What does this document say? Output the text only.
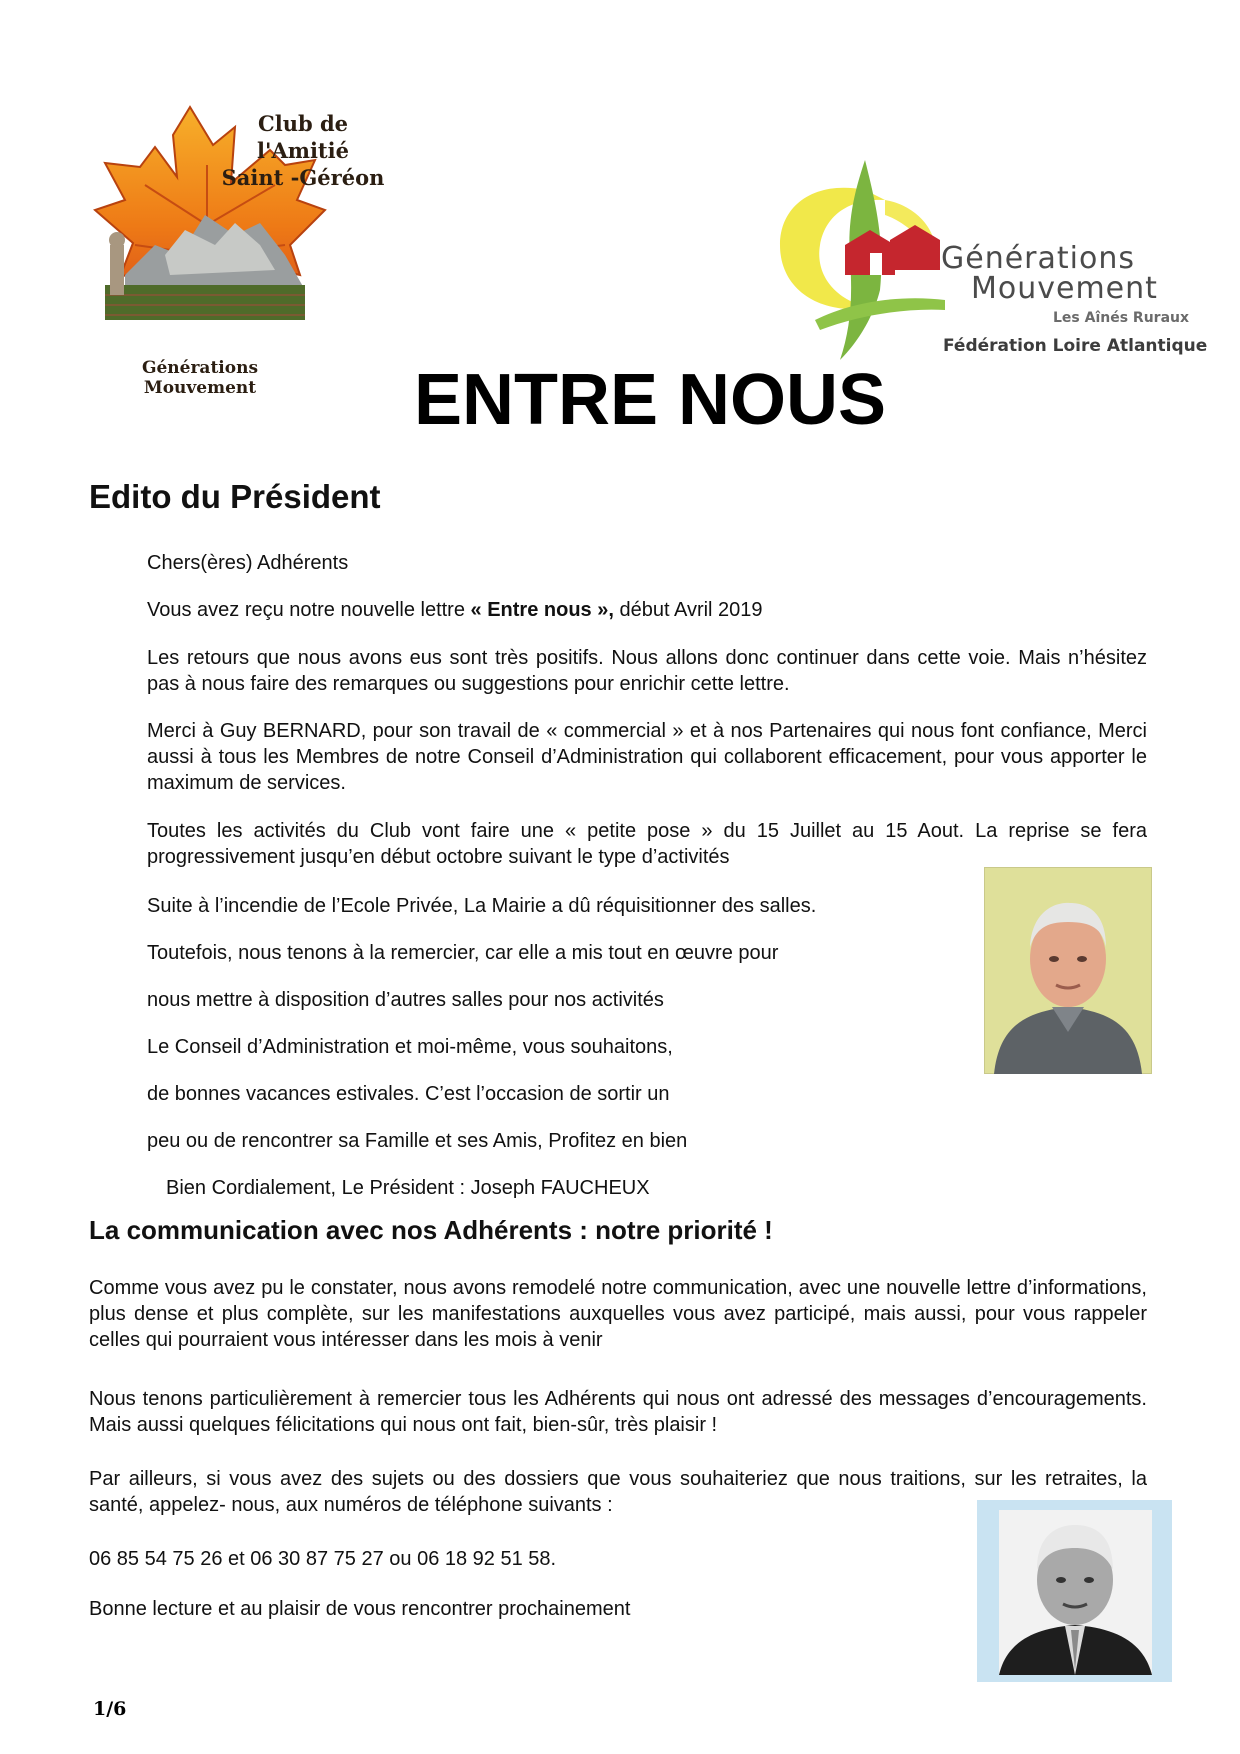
Club de l'Amitié
Saint -Géréon
Générations Mouvement
Générations
Mouvement
Les Aînés Ruraux
Fédération Loire Atlantique
ENTRE NOUS
Edito du Président

Chers(ères) Adhérents

Vous avez reçu notre nouvelle lettre « Entre nous », début Avril 2019

Les retours que nous avons eus sont très positifs. Nous allons donc continuer dans cette voie. Mais n’hésitez pas à nous faire des remarques ou suggestions pour enrichir cette lettre.

Merci à Guy BERNARD, pour son travail de « commercial » et à nos Partenaires qui nous font confiance, Merci aussi à tous les Membres de notre Conseil d’Administration qui collaborent efficacement, pour vous apporter le maximum de services.

Toutes les activités du Club vont faire une « petite pose » du 15 Juillet au 15 Aout. La reprise se fera progressivement jusqu’en début octobre suivant le type d’activités

Suite à l’incendie de l’Ecole Privée, La Mairie a dû réquisitionner des salles.

Toutefois, nous tenons à la remercier, car elle a mis tout en œuvre pour

nous mettre à disposition d’autres salles pour nos activités

Le Conseil d’Administration et moi-même, vous souhaitons,

de bonnes vacances estivales. C’est l’occasion de sortir un

peu ou de rencontrer sa Famille et ses Amis, Profitez en bien

Bien Cordialement, Le Président : Joseph FAUCHEUX

La communication avec nos Adhérents : notre priorité !

Comme vous avez pu le constater, nous avons remodelé notre communication, avec une nouvelle lettre d’informations, plus dense et plus complète, sur les manifestations auxquelles vous avez participé, mais aussi, pour vous rappeler celles qui pourraient vous intéresser dans les mois à venir

Nous tenons particulièrement à remercier tous les Adhérents qui nous ont adressé des messages d’encouragements. Mais aussi quelques félicitations qui nous ont fait, bien-sûr, très plaisir !

Par ailleurs, si vous avez des sujets ou des dossiers que vous souhaiteriez que nous traitions, sur les retraites, la santé, appelez- nous, aux numéros de téléphone suivants :

06 85 54 75 26 et 06 30 87 75 27 ou 06 18 92 51 58.

Bonne lecture et au plaisir de vous rencontrer prochainement

1/6
